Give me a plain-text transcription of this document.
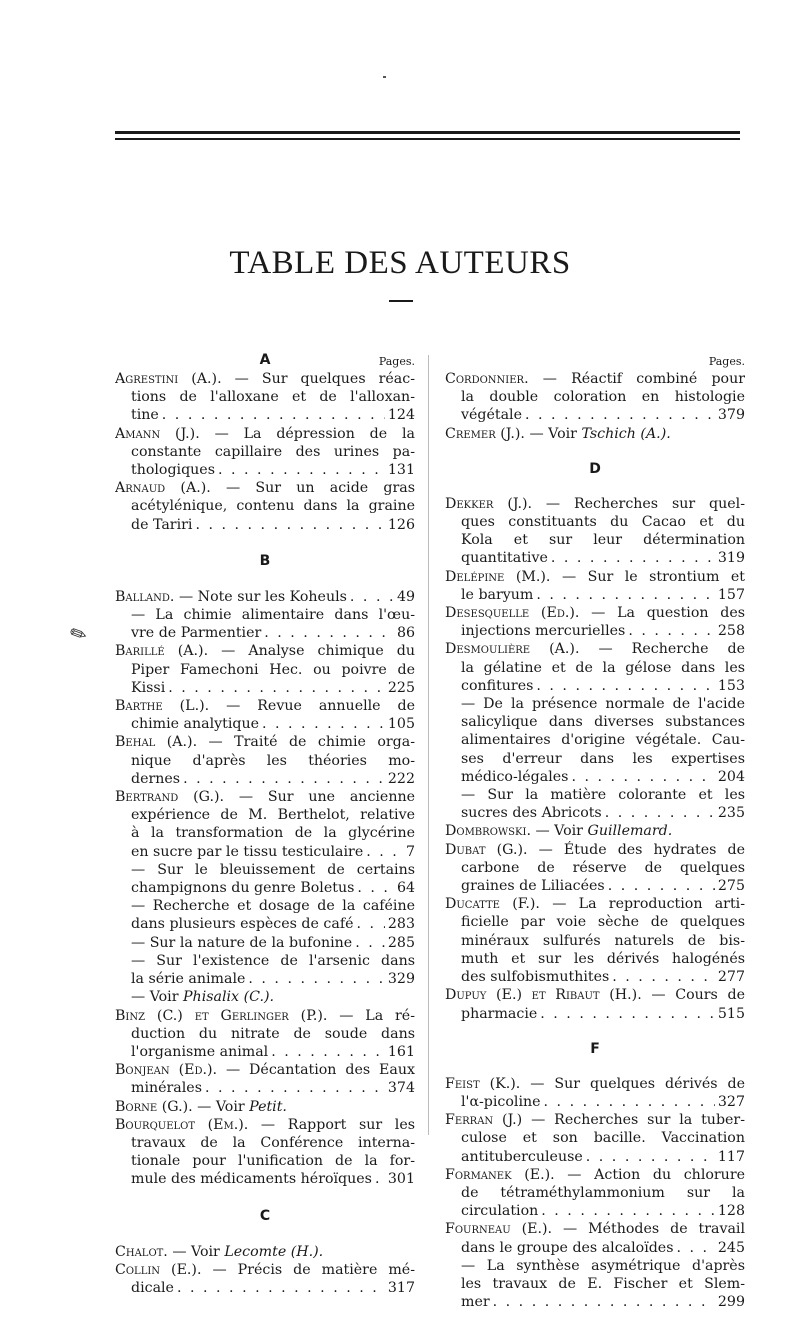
TABLE DES AUTEURS
✎
Pages.
A
Agrestini (A.). — Sur quelques réac-
tions de l'alloxane et de l'alloxan-
tine . . .	124
Amann (J.). — La dépression de la
constante capillaire des urines pa-
thologiques . . .	131
Arnaud (A.). — Sur un acide gras
acétylénique, contenu dans la graine
de Tariri . . .	126
B
Balland.
— Note sur les Koheuls . . .	49
— La chimie alimentaire dans l'œu-
vre de Parmentier . . .	86
Barillé (A.). — Analyse chimique du
Piper Famechoni Hec. ou poivre de
Kissi . . .	225
Barthe (L.). — Revue annuelle de
chimie analytique . . .	105
Behal (A.). — Traité de chimie orga-
nique d'après les théories mo-
dernes . . .	222
Bertrand (G.). — Sur une ancienne
expérience de M. Berthelot, relative
à la transformation de la glycérine
en sucre par le tissu testiculaire . . .	7
— Sur le bleuissement de certains
champignons du genre Boletus . . .	64
— Recherche et dosage de la caféine
dans plusieurs espèces de café . . . 283
— Sur la nature de la bufonine . . .	285
— Sur l'existence de l'arsenic dans
la série animale . . .	329
— Voir Phisalix (C.).
Binz (C.) et Gerlinger (P.). — La ré-
duction du nitrate de soude dans
l'organisme animal . . .	161
Bonjean (Ed.). — Décantation des Eaux
minérales . . .	374
Borne (G.). — Voir Petit.
Bourquelot (Em.). — Rapport sur les
travaux de la Conférence interna-
tionale pour l'unification de la for-
mule des médicaments héroïques . . . 301
C
Chalot. — Voir Lecomte (H.).
Collin (E.). — Précis de matière mé-
dicale . . .	317
Pages.
Cordonnier. — Réactif combiné pour
la double coloration en histologie
végétale . . .	379
Cremer (J.). — Voir Tschich (A.).
D
Dekker (J.). — Recherches sur quel-
ques constituants du Cacao et du
Kola et sur leur détermination
quantitative . . .	319
Delépine (M.). — Sur le strontium et
le baryum . . .	157
Desesquelle (Ed.). — La question des
injections mercurielles . . .	258
Desmoulière (A.). — Recherche de
la gélatine et de la gélose dans les
confitures . . .	153
— De la présence normale de l'acide
salicylique dans diverses substances
alimentaires d'origine végétale. Cau-
ses d'erreur dans les expertises
médico-légales . . .	204
— Sur la matière colorante et les
sucres des Abricots . . .	235
Dombrowski. — Voir Guillemard.
Dubat (G.). — Étude des hydrates de
carbone de réserve de quelques
graines de Liliacées . . .	275
Ducatte (F.). — La reproduction arti-
ficielle par voie sèche de quelques
minéraux sulfurés naturels de bis-
muth et sur les dérivés halogénés
des sulfobismuthites . . .	277
Dupuy (E.) et Ribaut (H.). — Cours de
pharmacie . . .	515
F
Feist (K.). — Sur quelques dérivés de
l'α-picoline . . .	327
Ferran (J.) — Recherches sur la tuber-
culose et son bacille. Vaccination
antituberculeuse . . .	117
Formanek (E.). — Action du chlorure
de tétraméthylammonium sur la
circulation . . .	128
Fourneau (E.). — Méthodes de travail
dans le groupe des alcaloïdes . . .	245
— La synthèse asymétrique d'après
les travaux de E. Fischer et Slem-
mer . . .	299
